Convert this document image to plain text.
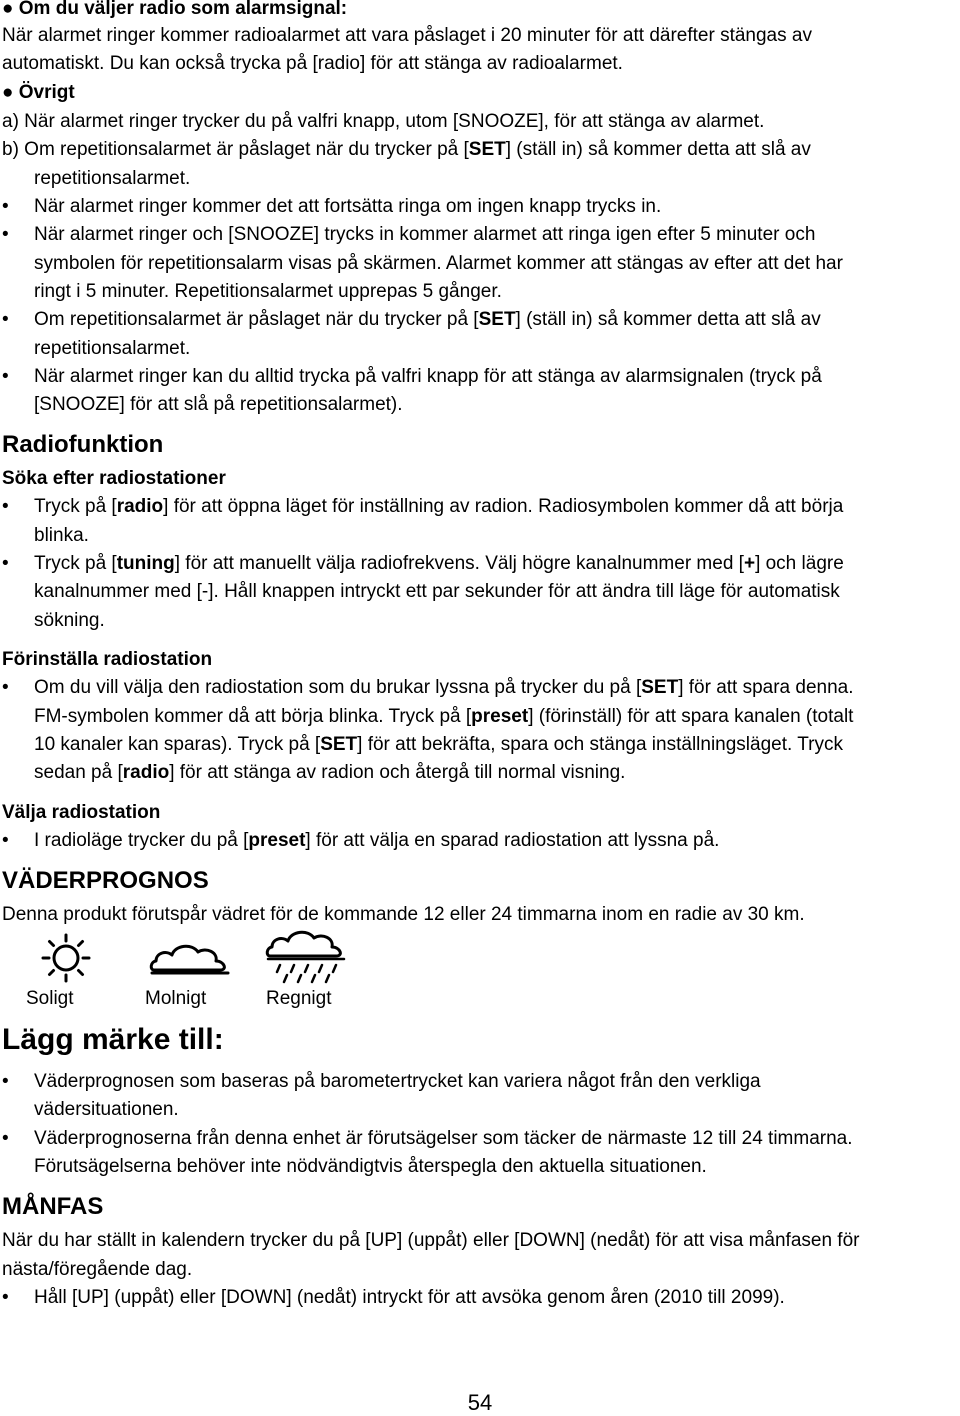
● Om du väljer radio som alarmsignal:
När alarmet ringer kommer radioalarmet att vara påslaget i 20 minuter för att därefter stängas av
automatiskt. Du kan också trycka på [radio] för att stänga av radioalarmet.
● Övrigt
a) När alarmet ringer trycker du på valfri knapp, utom [SNOOZE], för att stänga av alarmet.
b) Om repetitionsalarmet är påslaget när du trycker på [SET] (ställ in) så kommer detta att slå av
repetitionsalarmet.
• När alarmet ringer kommer det att fortsätta ringa om ingen knapp trycks in.
• När alarmet ringer och [SNOOZE] trycks in kommer alarmet att ringa igen efter 5 minuter och
symbolen för repetitionsalarm visas på skärmen. Alarmet kommer att stängas av efter att det har
ringt i 5 minuter. Repetitionsalarmet upprepas 5 gånger.
• Om repetitionsalarmet är påslaget när du trycker på [SET] (ställ in) så kommer detta att slå av
repetitionsalarmet.
• När alarmet ringer kan du alltid trycka på valfri knapp för att stänga av alarmsignalen (tryck på
[SNOOZE] för att slå på repetitionsalarmet).
Radiofunktion
Söka efter radiostationer
• Tryck på [radio] för att öppna läget för inställning av radion. Radiosymbolen kommer då att börja
blinka.
• Tryck på [tuning] för att manuellt välja radiofrekvens. Välj högre kanalnummer med [+] och lägre
kanalnummer med [-]. Håll knappen intryckt ett par sekunder för att ändra till läge för automatisk
sökning.
Förinställa radiostation
• Om du vill välja den radiostation som du brukar lyssna på trycker du på [SET] för att spara denna.
FM-symbolen kommer då att börja blinka. Tryck på [preset] (förinställ) för att spara kanalen (totalt
10 kanaler kan sparas). Tryck på [SET] för att bekräfta, spara och stänga inställningsläget. Tryck
sedan på [radio] för att stänga av radion och återgå till normal visning.
Välja radiostation
• I radioläge trycker du på [preset] för att välja en sparad radiostation att lyssna på.
VÄDERPROGNOS
Denna produkt förutspår vädret för de kommande 12 eller 24 timmarna inom en radie av 30 km.
Soligt	Molnigt	Regnigt
Lägg märke till:
• Väderprognosen som baseras på barometertrycket kan variera något från den verkliga
vädersituationen.
• Väderprognoserna från denna enhet är förutsägelser som täcker de närmaste 12 till 24 timmarna.
Förutsägelserna behöver inte nödvändigtvis återspegla den aktuella situationen.
MÅNFAS
När du har ställt in kalendern trycker du på [UP] (uppåt) eller [DOWN] (nedåt) för att visa månfasen för
nästa/föregående dag.
• Håll [UP] (uppåt) eller [DOWN] (nedåt) intryckt för att avsöka genom åren (2010 till 2099).
54
